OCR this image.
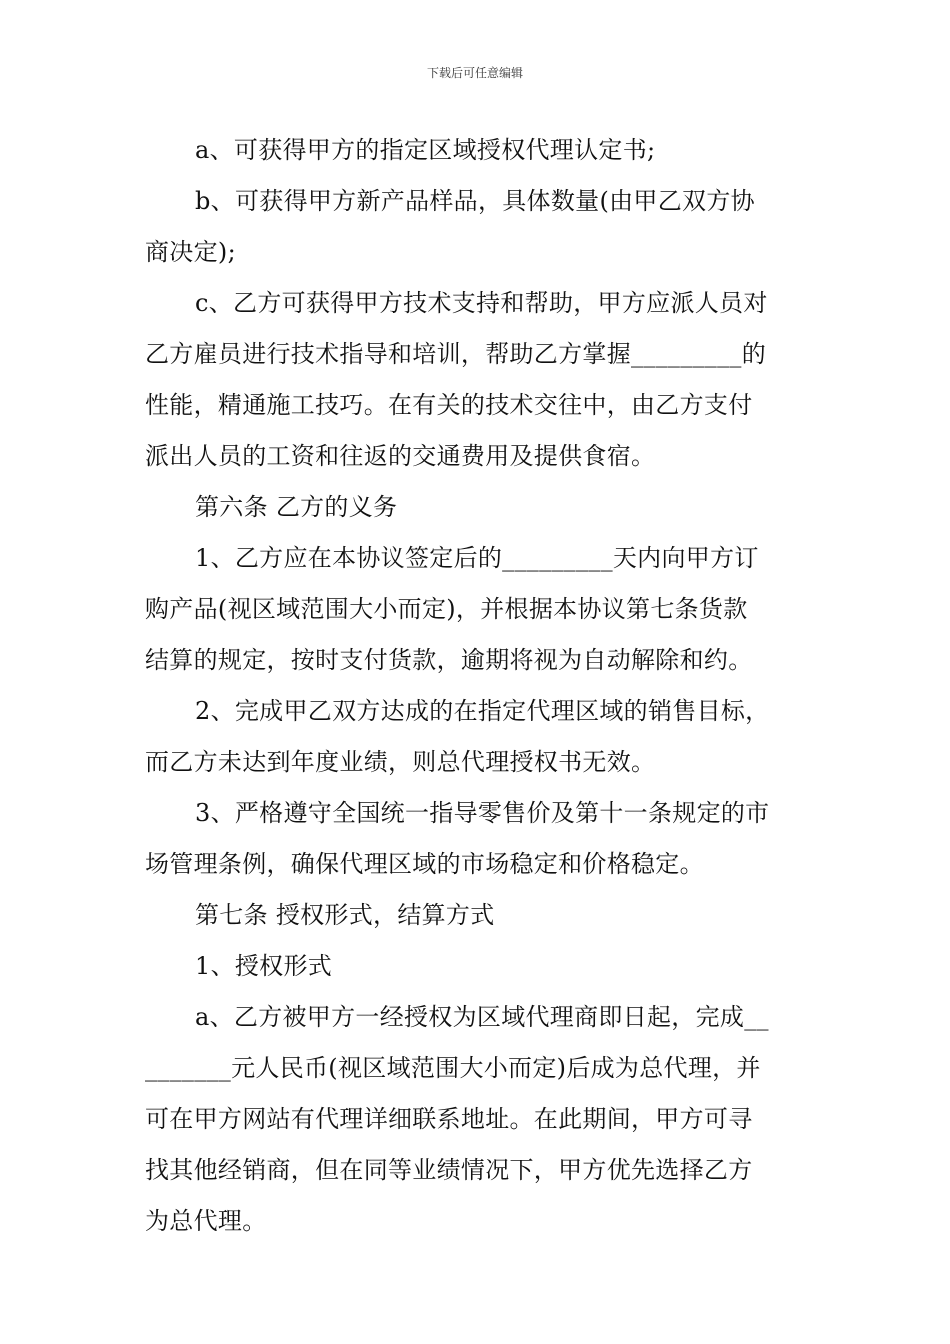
下载后可任意编辑
a、可获得甲方的指定区域授权代理认定书;
b、可获得甲方新产品样品，具体数量(由甲乙双方协
商决定);
c、乙方可获得甲方技术支持和帮助，甲方应派人员对
乙方雇员进行技术指导和培训，帮助乙方掌握_________的
性能，精通施工技巧。在有关的技术交往中，由乙方支付
派出人员的工资和往返的交通费用及提供食宿。
第六条 乙方的义务
1、乙方应在本协议签定后的_________天内向甲方订
购产品(视区域范围大小而定)，并根据本协议第七条货款
结算的规定，按时支付货款，逾期将视为自动解除和约。
2、完成甲乙双方达成的在指定代理区域的销售目标，
而乙方未达到年度业绩，则总代理授权书无效。
3、严格遵守全国统一指导零售价及第十一条规定的市
场管理条例，确保代理区域的市场稳定和价格稳定。
第七条 授权形式，结算方式
1、授权形式
a、乙方被甲方一经授权为区域代理商即日起，完成__
_______元人民币(视区域范围大小而定)后成为总代理，并
可在甲方网站有代理详细联系地址。在此期间，甲方可寻
找其他经销商，但在同等业绩情况下，甲方优先选择乙方
为总代理。
